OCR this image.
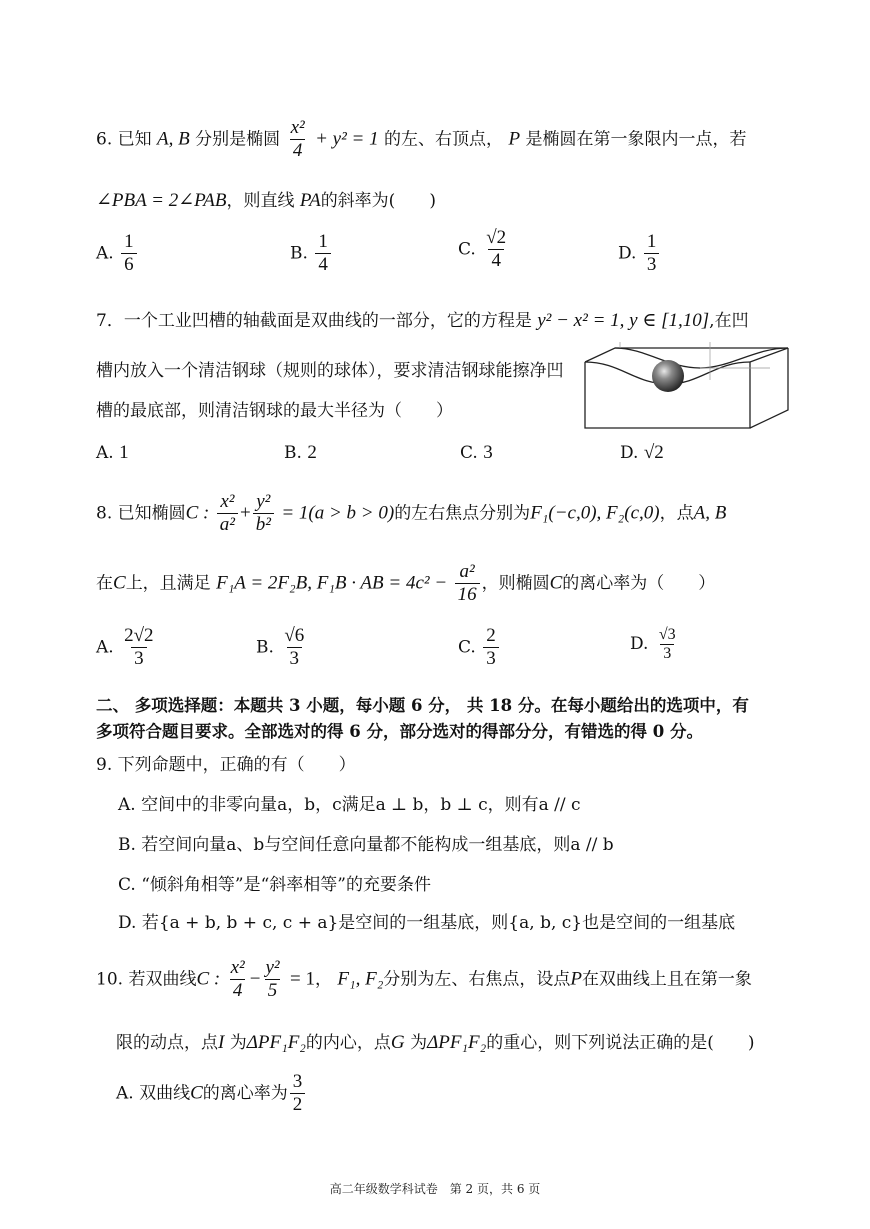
6. 已知 A, B 分别是椭圆 $\frac{\text{x²}}{4} + y^2 = 1$ 的左、右顶点， P 是椭圆在第一象限内一点，若
∠PBA = 2∠PAB，则直线 PA的斜率为(　　)
A. $\frac{1}{6}$	B. $\frac{1}{4}$	C. $\frac{√2}{4}$	D. $\frac{1}{3}$
7．一个工业凹槽的轴截面是双曲线的一部分，它的方程是 y² − x² = 1, y ∈ [1,10],在凹
槽内放入一个清洁钢球（规则的球体），要求清洁钢球能擦净凹
槽的最底部，则清洁钢球的最大半径为（　　）
A. 1	B. 2	C. 3	D. √2
8. 已知椭圆C : $\frac{\text{x²}}{\text{a²}} + \frac{\text{y²}}{\text{b²}} = 1(a > b > 0)$的左右焦点分别为F₁(−c,0), F₂(c,0)，点A, B
在C上，且满足 F₁A = 2F₂B, F₁B · AB = $4c^2 - \frac{\text{a²}}{16}$ ，则椭圆C的离心率为（　　）
A. $\frac{2√2}{3}$	B. $\frac{√6}{3}$	C. $\frac{2}{3}$	D. $\frac{√3}{3}$
二、 多项选择题：本题共 3 小题，每小题 6 分， 共 18 分。在每小题给出的选项中，有
多项符合题目要求。全部选对的得 6 分，部分选对的得部分分，有错选的得 0 分。
9. 下列命题中，正确的有（　　）
A. 空间中的非零向量a，b，c满足a ⊥ b，b ⊥ c，则有a // c
B. 若空间向量a、b与空间任意向量都不能构成一组基底，则a // b
C. “倾斜角相等”是“斜率相等”的充要条件
D. 若{a + b, b + c, c + a}是空间的一组基底，则{a, b, c}也是空间的一组基底
10. 若双曲线C : $\frac{\text{x²}}{4} - \frac{\text{y²}}{5} = 1$， F₁, F₂分别为左、右焦点，设点P在双曲线上且在第一象
限的动点，点I 为ΔPF₁F₂的内心，点G 为ΔPF₁F₂的重心，则下列说法正确的是(　　)
A. 双曲线C的离心率为 $\frac{3}{2}$
高二年级数学科试卷　第 2 页，共 6 页
